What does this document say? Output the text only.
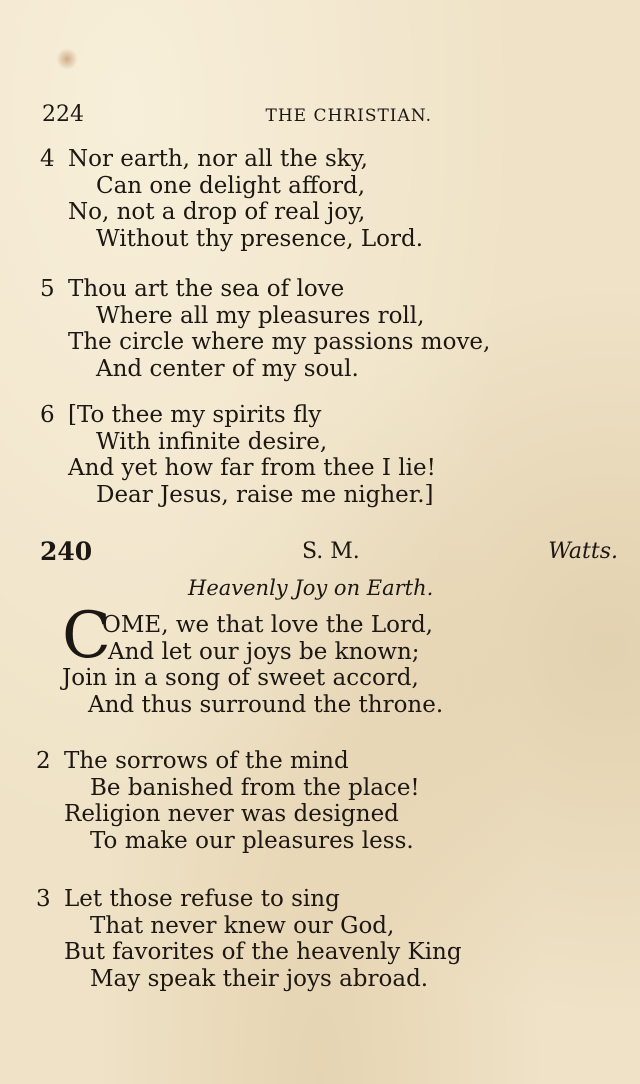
224	THE CHRISTIAN.
4 Nor earth, nor all the sky,
Can one delight afford,
No, not a drop of real joy,
Without thy presence, Lord.
5 Thou art the sea of love
Where all my pleasures roll,
The circle where my passions move,
And center of my soul.
6 [To thee my spirits fly
With infinite desire,
And yet how far from thee I lie!
Dear Jesus, raise me nigher.]
240	S. M.	Watts.
Heavenly Joy on Earth.
C
OME, we that love the Lord,
And let our joys be known;
Join in a song of sweet accord,
And thus surround the throne.
2 The sorrows of the mind
Be banished from the place!
Religion never was designed
To make our pleasures less.
3 Let those refuse to sing
That never knew our God,
But favorites of the heavenly King
May speak their joys abroad.
